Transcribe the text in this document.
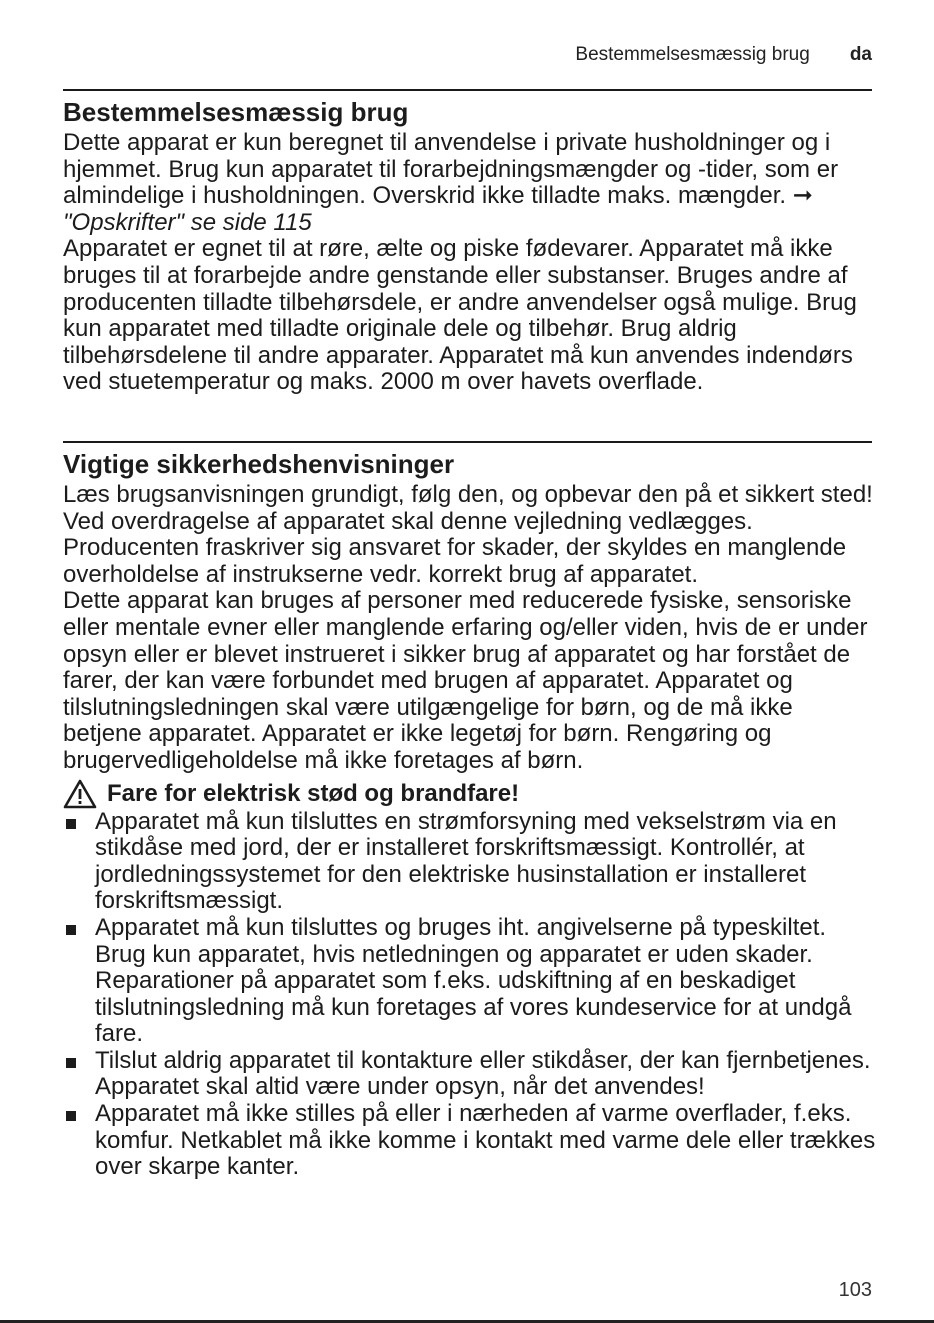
Bestemmelsesmæssig brug da
Bestemmelsesmæssig brug

Dette apparat er kun beregnet til anvendelse i private husholdninger og i hjemmet. Brug kun apparatet til forarbejdningsmængder og -tider, som er almindelige i husholdningen. Overskrid ikke tilladte maks. mængder. ➞ "Opskrifter" se side 115

Apparatet er egnet til at røre, ælte og piske fødevarer. Apparatet må ikke bruges til at forarbejde andre genstande eller substanser. Bruges andre af producenten tilladte tilbehørsdele, er andre anvendelser også mulige. Brug kun apparatet med tilladte originale dele og tilbehør. Brug aldrig tilbehørsdelene til andre apparater. Apparatet må kun anvendes indendørs ved stuetemperatur og maks. 2000 m over havets overflade.

Vigtige sikkerhedshenvisninger

Læs brugsanvisningen grundigt, følg den, og opbevar den på et sikkert sted! Ved overdragelse af apparatet skal denne vejledning vedlægges. Producenten fraskriver sig ansvaret for skader, der skyldes en manglende overholdelse af instrukserne vedr. korrekt brug af apparatet.

Dette apparat kan bruges af personer med reducerede fysiske, sensoriske eller mentale evner eller manglende erfaring og/eller viden, hvis de er under opsyn eller er blevet instrueret i sikker brug af apparatet og har forstået de farer, der kan være forbundet med brugen af apparatet. Apparatet og tilslutningsledningen skal være utilgængelige for børn, og de må ikke betjene apparatet. Apparatet er ikke legetøj for børn. Rengøring og brugervedligeholdelse må ikke foretages af børn.

Fare for elektrisk stød og brandfare!
Apparatet må kun tilsluttes en strømforsyning med vekselstrøm via en stikdåse med jord, der er installeret forskriftsmæssigt. Kontrollér, at jordledningssystemet for den elektriske husinstallation er installeret forskriftsmæssigt.
Apparatet må kun tilsluttes og bruges iht. angivelserne på typeskiltet. Brug kun apparatet, hvis netledningen og apparatet er uden skader. Reparationer på apparatet som f.eks. udskiftning af en beskadiget tilslutningsledning må kun foretages af vores kundeservice for at undgå fare.
Tilslut aldrig apparatet til kontakture eller stikdåser, der kan fjernbetjenes. Apparatet skal altid være under opsyn, når det anvendes!
Apparatet må ikke stilles på eller i nærheden af varme overflader, f.eks. komfur. Netkablet må ikke komme i kontakt med varme dele eller trækkes over skarpe kanter.
103
